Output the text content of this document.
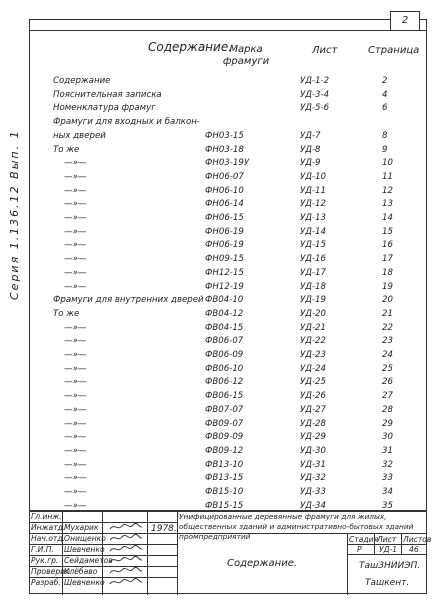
2
Серия 1.136.12 Вып. 1
Содержание.
Марка фрамуги
Лист	Страница
Содержание	УД-1-2	2
Пояснительная записка	УД-3-4	4
Номенклатура фрамуг	УД-5-6	6
Фрамуги для входных и балкон-
ных дверей	ФН03-15	УД-7	8
То же	ФН03-18	УД-8	9
—»—	ФН03-19У	УД-9	10
—»—	ФН06-07	УД-10	11
—»—	ФН06-10	УД-11	12
—»—	ФН06-14	УД-12	13
—»—	ФН06-15	УД-13	14
—»—	ФН06-19	УД-14	15
—»—	ФН06-19	УД-15	16
—»—	ФН09-15	УД-16	17
—»—	ФН12-15	УД-17	18
—»—	ФН12-19	УД-18	19
Фрамуги для внутренних дверей ФВ04-10	УД-19	20
То же	ФВ04-12	УД-20	21
—»—	ФВ04-15	УД-21	22
—»—	ФВ06-07	УД-22	23
—»—	ФВ06-09	УД-23	24
—»—	ФВ06-10	УД-24	25
—»—	ФВ06-12	УД-25	26
—»—	ФВ06-15	УД-26	27
—»—	ФВ07-07	УД-27	28
—»—	ФВ09-07	УД-28	29
—»—	ФВ09-09	УД-29	30
—»—	ФВ09-12	УД-30	31
—»—	ФВ13-10	УД-31	32
—»—	ФВ13-15	УД-32	33
—»—	ФВ15-10	УД-33	34
—»—	ФВ15-15	УД-34	35
Унифицированные деревянные фрамуги для жилых, общественных зданий и административно-бытовых зданий промпредприятий
1978.
Содержание.
Стадия
Лист Листов
Р УД-1 46
ТашЗНИИЭП.
Ташкент.
Гл.инж.
Инжатд.
Мухарик
Нач.отд. Онищенко
Г.И.П. Шевченко
Рук.гр. Сейдаметов
Проверил
Клёбаво
Разраб. Шевченко
